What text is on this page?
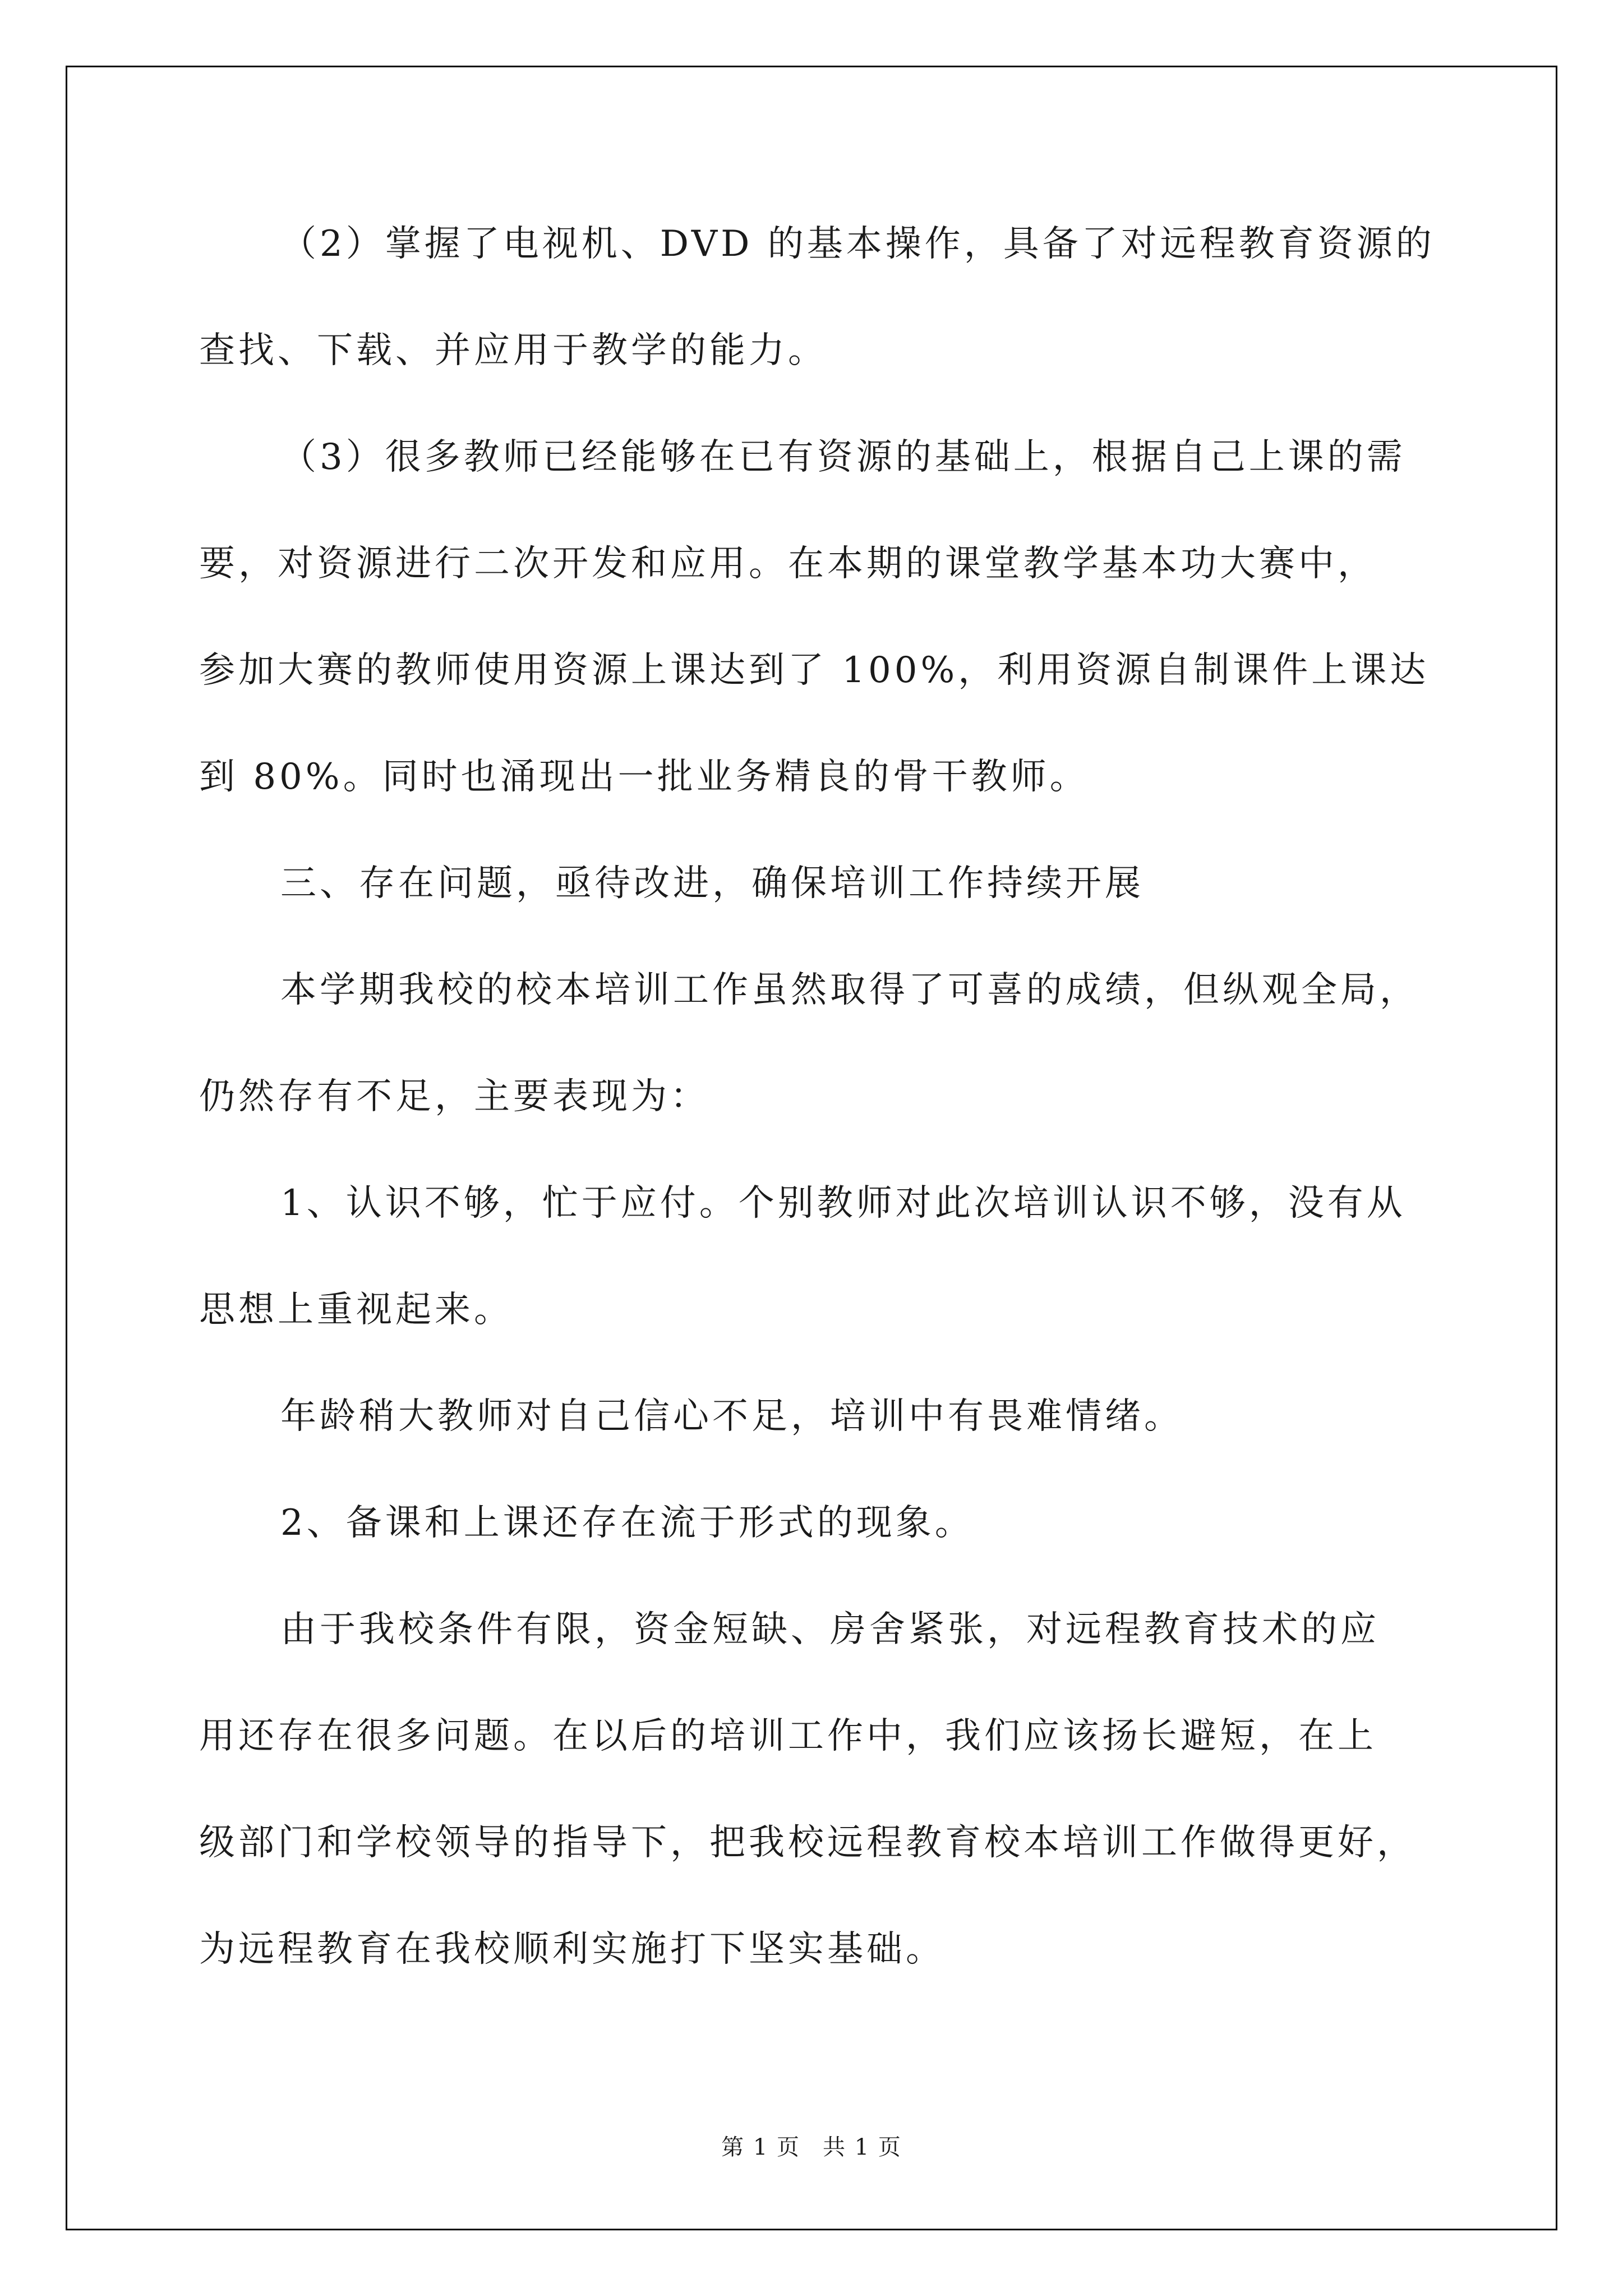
（2）掌握了电视机、DVD 的基本操作，具备了对远程教育资源的
查找、下载、并应用于教学的能力。
（3）很多教师已经能够在已有资源的基础上，根据自己上课的需
要，对资源进行二次开发和应用。在本期的课堂教学基本功大赛中，
参加大赛的教师使用资源上课达到了 100%，利用资源自制课件上课达
到 80%。同时也涌现出一批业务精良的骨干教师。
三、存在问题，亟待改进，确保培训工作持续开展
本学期我校的校本培训工作虽然取得了可喜的成绩，但纵观全局，
仍然存有不足，主要表现为：
1、认识不够，忙于应付。个别教师对此次培训认识不够，没有从
思想上重视起来。
年龄稍大教师对自己信心不足，培训中有畏难情绪。
2、备课和上课还存在流于形式的现象。
由于我校条件有限，资金短缺、房舍紧张，对远程教育技术的应
用还存在很多问题。在以后的培训工作中，我们应该扬长避短，在上
级部门和学校领导的指导下，把我校远程教育校本培训工作做得更好，
为远程教育在我校顺利实施打下坚实基础。
第 1 页 共 1 页
